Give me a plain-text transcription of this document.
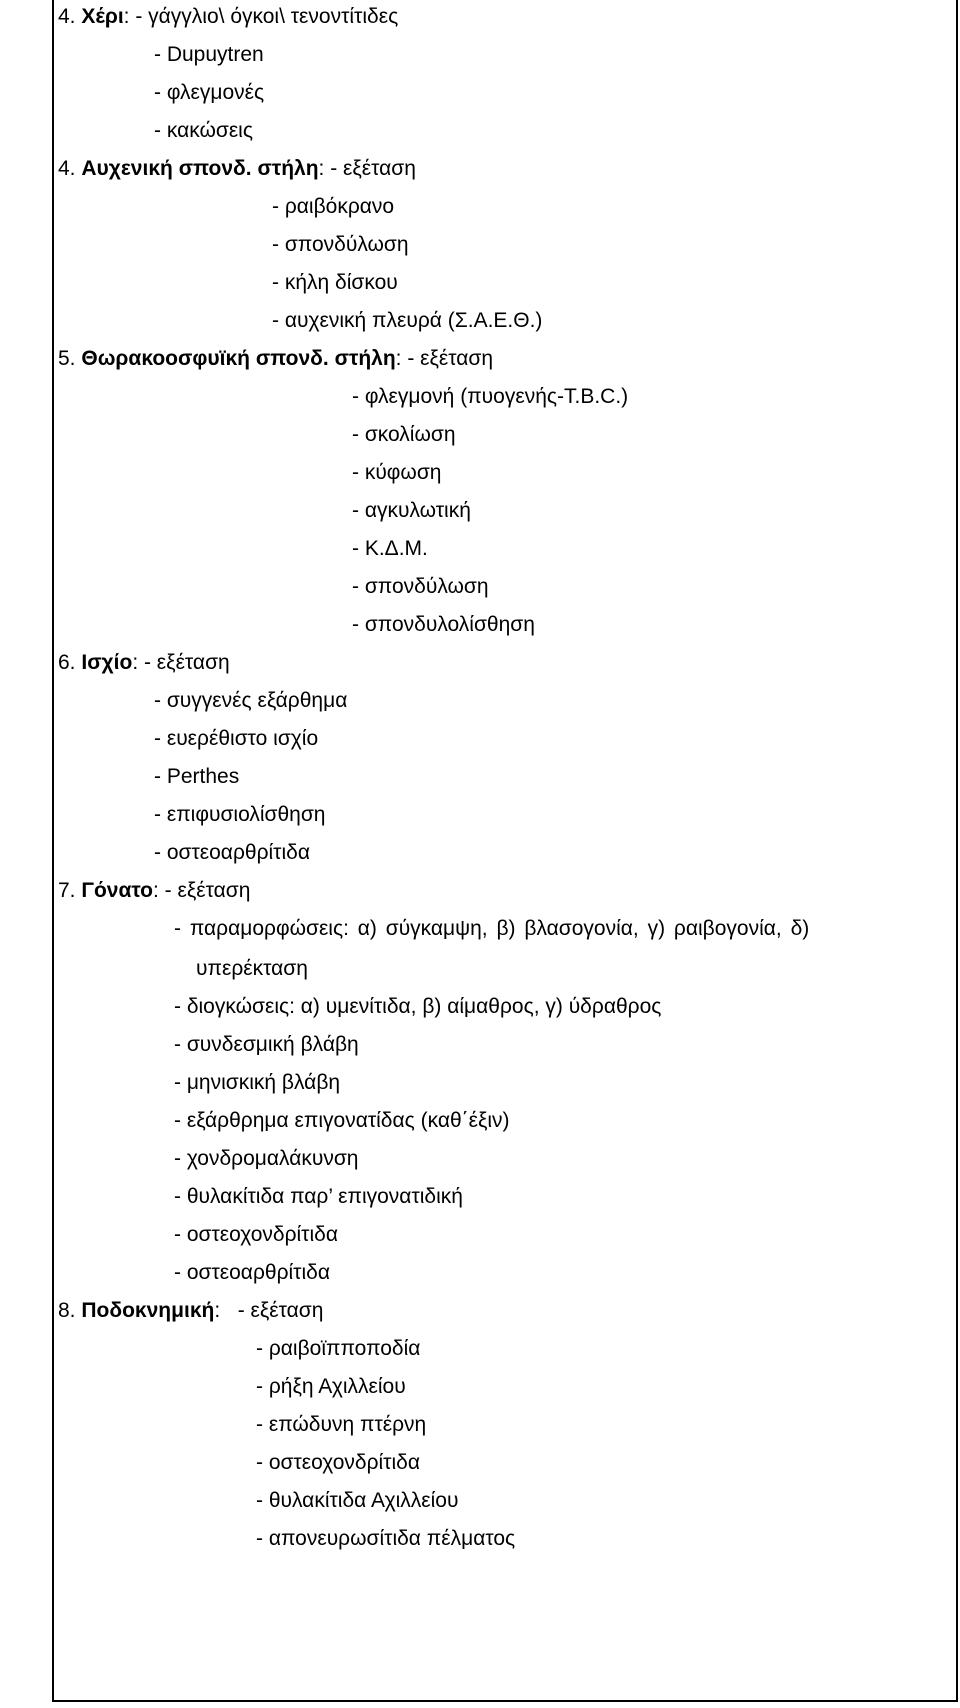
4. Χέρι: - γάγγλιο\ όγκοι\ τενοντίτιδες
- Dupuytren
- φλεγμονές
- κακώσεις
4. Αυχενική σπονδ. στήλη: - εξέταση
- ραιβόκρανο
- σπονδύλωση
- κήλη δίσκου
- αυχενική πλευρά (Σ.Α.Ε.Θ.)
5. Θωρακοοσφυϊκή σπονδ. στήλη: - εξέταση
- φλεγμονή (πυογενής-T.B.C.)
- σκολίωση
- κύφωση
- αγκυλωτική
- Κ.Δ.Μ.
- σπονδύλωση
- σπονδυλολίσθηση
6. Ισχίο: - εξέταση
- συγγενές εξάρθημα
- ευερέθιστο ισχίο
- Perthes
- επιφυσιολίσθηση
- οστεοαρθρίτιδα
7. Γόνατο: - εξέταση
- παραμορφώσεις: α) σύγκαμψη, β) βλασογονία, γ) ραιβογονία, δ)
υπερέκταση
- διογκώσεις: α) υμενίτιδα, β) αίμαθρος, γ) ύδραθρος
- συνδεσμική βλάβη
- μηνισκική βλάβη
- εξάρθρημα επιγονατίδας (καθ΄έξιν)
- χονδρομαλάκυνση
- θυλακίτιδα παρ’ επιγονατιδική
- οστεοχονδρίτιδα
- οστεοαρθρίτιδα
8. Ποδοκνημική:   - εξέταση
- ραιβοϊπποποδία
- ρήξη Αχιλλείου
- επώδυνη πτέρνη
- οστεοχονδρίτιδα
- θυλακίτιδα Αχιλλείου
- απονευρωσίτιδα πέλματος
